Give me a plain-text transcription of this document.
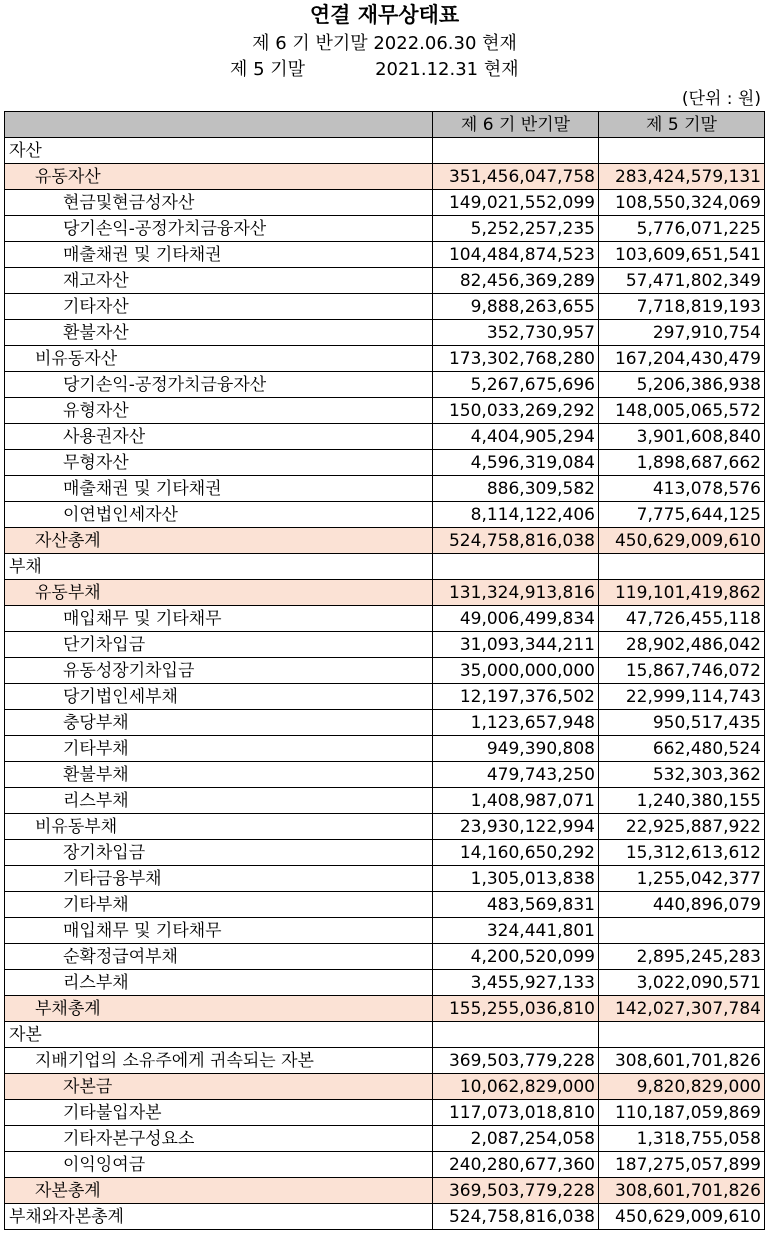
연결 재무상태표
제 6 기 반기말 2022.06.30 현재
제 5 기말	2021.12.31 현재
(단위 : 원)
	제 6 기 반기말	제 5 기말
자산		
유동자산	351,456,047,758	283,424,579,131
현금및현금성자산	149,021,552,099	108,550,324,069
당기손익-공정가치금융자산	5,252,257,235	5,776,071,225
매출채권 및 기타채권	104,484,874,523	103,609,651,541
재고자산	82,456,369,289	57,471,802,349
기타자산	9,888,263,655	7,718,819,193
환불자산	352,730,957	297,910,754
비유동자산	173,302,768,280	167,204,430,479
당기손익-공정가치금융자산	5,267,675,696	5,206,386,938
유형자산	150,033,269,292	148,005,065,572
사용권자산	4,404,905,294	3,901,608,840
무형자산	4,596,319,084	1,898,687,662
매출채권 및 기타채권	886,309,582	413,078,576
이연법인세자산	8,114,122,406	7,775,644,125
자산총계	524,758,816,038	450,629,009,610
부채		
유동부채	131,324,913,816	119,101,419,862
매입채무 및 기타채무	49,006,499,834	47,726,455,118
단기차입금	31,093,344,211	28,902,486,042
유동성장기차입금	35,000,000,000	15,867,746,072
당기법인세부채	12,197,376,502	22,999,114,743
충당부채	1,123,657,948	950,517,435
기타부채	949,390,808	662,480,524
환불부채	479,743,250	532,303,362
리스부채	1,408,987,071	1,240,380,155
비유동부채	23,930,122,994	22,925,887,922
장기차입금	14,160,650,292	15,312,613,612
기타금융부채	1,305,013,838	1,255,042,377
기타부채	483,569,831	440,896,079
매입채무 및 기타채무	324,441,801	
순확정급여부채	4,200,520,099	2,895,245,283
리스부채	3,455,927,133	3,022,090,571
부채총계	155,255,036,810	142,027,307,784
자본		
지배기업의 소유주에게 귀속되는 자본	369,503,779,228	308,601,701,826
자본금	10,062,829,000	9,820,829,000
기타불입자본	117,073,018,810	110,187,059,869
기타자본구성요소	2,087,254,058	1,318,755,058
이익잉여금	240,280,677,360	187,275,057,899
자본총계	369,503,779,228	308,601,701,826
부채와자본총계	524,758,816,038	450,629,009,610
